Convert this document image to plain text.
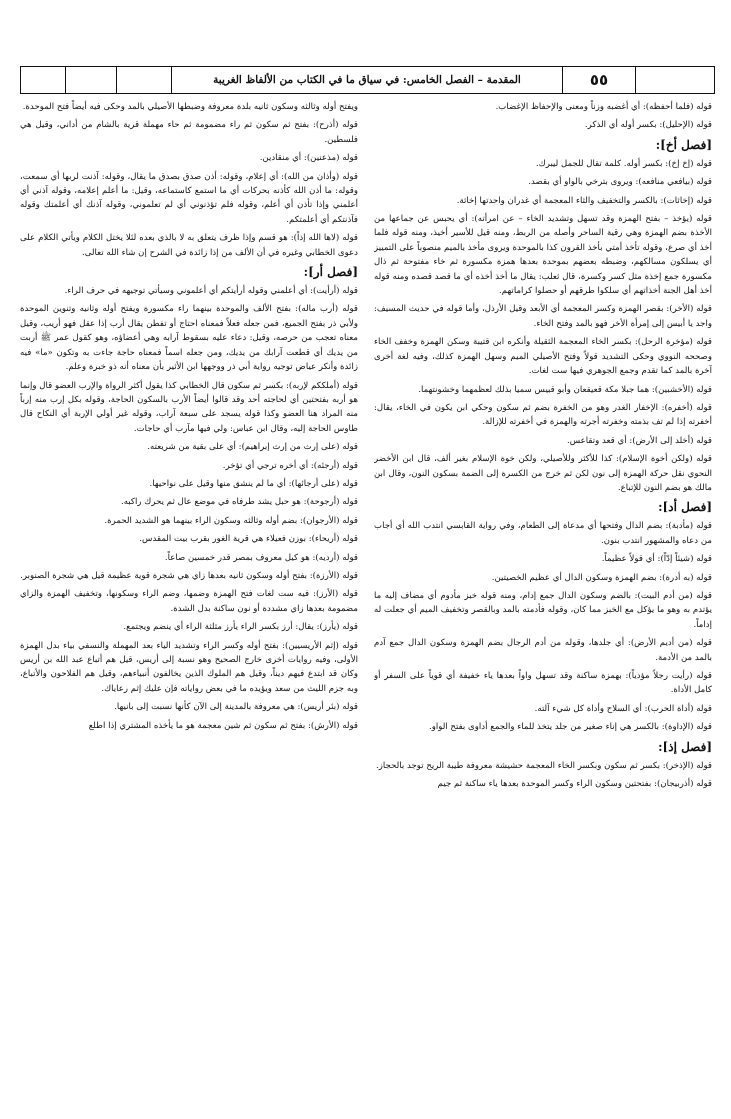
المقدمة – الفصل الخامس: في سياق ما في الكتاب من الألفاظ الغريبة	٥٥

قوله (فلما أحفظه): أي أغضبه وزناً ومعنى والإحفاظ الإغضاب.

قوله (الإحليل): بكسر أوله أي الذكر.

[فصل أخ]:

قوله (إخ إخ): بكسر أوله. كلمة تقال للجمل ليبرك.

قوله (بيافعي منافعه): ويروى بترخي بالواو أي بقصد.

قوله (إخاثات): بالكسر والتخفيف والثاء المعجمة أي غدران واحدتها إخاثة.

قوله (يؤخذ – بفتح الهمزة وقد تسهل وتشديد الخاء – عن امرأته): أي يحبس عن جماعها من الأخذة بضم الهمزة وهي رقية الساحر وأصله من الربط، ومنه قيل للأسير أخيذ، ومنه قوله فلما أخذ أي صرع، وقوله تأخذ أمتي بأخذ القرون كذا بالموحدة ويروى مأخذ بالميم منصوباً على التمييز أي يسلكون مسالكهم، وضبطه بعضهم بموحدة بعدها همزة مكسورة ثم خاء مفتوحة ثم ذال مكسورة جمع إخذة مثل كسر وكسرة، قال ثعلب: يقال ما أخذ أخذه أي ما قصد قصده ومنه قوله أخذ أهل الجنة أخذاتهم أي سلكوا طرقهم أو حصلوا كراماتهم.

قوله (الأخر): بقصر الهمزة وكسر المعجمة أي الأبعد وقيل الأرذل، وأما قوله في حديث المسيف: واجد يا أبيس إلى إمرأة الأخر فهو بالمد وفتح الخاء.

قوله (مؤخرة الرحل): بكسر الخاء المعجمة الثقيلة وأنكره ابن قتيبة وسكن الهمزة وخفف الخاء وصححه النووي وحكى التشديد قولاً وفتح الأصيلي الميم وسهل الهمزة كذلك، وفيه لغة أخرى آخرة بالمد كما تقدم وجمع الجوهري فيها ست لغات.

قوله (الأخشبين): هما جبلا مكة قعيقعان وأبو قبيس سميا بذلك لعظمهما وخشونتهما.

قوله (أخفره): الإخفار الغدر وهو من الخفرة بضم ثم سكون وحكي ابن يكون في الخاء، يقال: أخفرته إذا لم تف بذمته وخفرته أجرته والهمزة في أخفرته للإزالة.

قوله (أخلد إلى الأرض): أي قعد وتقاعس.

قوله (ولكن أخوة الإسلام): كذا للأكثر وللأصيلي، ولكن خوة الإسلام بغير ألف، قال ابن الأخضر النحوي نقل حركة الهمزة إلى نون لكن ثم خرج من الكسرة إلى الضمة بسكون النون، وقال ابن مالك هو بضم النون للإتباع.

[فصل أد]:

قوله (مأدبة): بضم الدال وفتحها أي مدعاة إلى الطعام، وفي رواية القابسي انتدب الله أي أجاب من دعاه والمشهور انتدب بنون.

قوله (شيئاً إدّاً): أي قولاً عظيماً.

قوله (به أدرة): بضم الهمزة وسكون الدال أي عظيم الخصيتين.

قوله (من أدم البيت): بالضم وسكون الدال جمع إدام، ومنه قوله خبز مأدوم أي مضاف إليه ما يؤتدم به وهو ما يؤكل مع الخبز مما كان، وقوله فأدمته بالمد وبالقصر وتخفيف الميم أي جعلت له إداماً.

قوله (من أديم الأرض): أي جلدها، وقوله من أدم الرجال بضم الهمزة وسكون الدال جمع آدم بالمد من الأدمة.

قوله (رأيت رجلاً مؤدياً): بهمزة ساكنة وقد تسهل واواً بعدها ياء خفيفة أي قوياً على السفر أو كامل الأداة.

قوله (أداة الحرب): أي السلاح وأداة كل شيء آلته.

قوله (الإداوة): بالكسر هي إناء صغير من جلد يتخذ للماء والجمع أداوى بفتح الواو.

[فصل إذ]:

قوله (الإذخر): بكسر ثم سكون وبكسر الخاء المعجمة حشيشة معروفة طيبة الريح توجد بالحجاز.

قوله (أذربيجان): بفتحتين وسكون الراء وكسر الموحدة بعدها ياء ساكنة ثم جيم

ويفتح أوله وثالثه وسكون ثانيه بلدة معروفة وضبطها الأصيلي بالمد وحكى فيه أيضاً فتح الموحدة.

قوله (أذرح): بفتح ثم سكون ثم راء مضمومة ثم حاء مهملة قرية بالشام من أداني، وقيل هي فلسطين.

قوله (مذعنين): أي منقادين.

قوله (وأذان من الله): أي إعلام، وقوله: أذن صدق بصدق ما يقال، وقوله: آذنت لربها أي سمعت، وقوله: ما أذن الله كأذنه بحركات أي ما استمع كاستماعه، وقيل: ما أعلم إعلامه، وقوله آذني أي أعلمني وإذا تأذن أي أعلم، وقوله فلم تؤذنوني أي لم تعلموني، وقوله آذنك أي أعلمتك وقوله فآذنتكم أي أعلمتكم.

قوله (لاها الله إذاً): هو قسم وإذا ظرف يتعلق به لا بالذي بعده لئلا يختل الكلام ويأتي الكلام على دعوى الخطابي وغيره في أن الألف من إذا زائدة في الشرح إن شاء الله تعالى.

[فصل أر]:

قوله (أرأيت): أي أعلمني وقوله أرأيتكم أي أعلموني وسيأتي توجيهه في حرف الراء.

قوله (أرب ماله): بفتح الألف والموحدة بينهما راء مكسورة ويفتح أوله وثانيه وتنوين الموحدة ولأبي ذر بفتح الجميع، فمن جعله فعلاً فمعناه احتاج أو تفطن يقال أرب إذا عقل فهو أريب، وقيل معناه تعجب من حرصه، وقيل: دعاء عليه بسقوط آرابه وهي أعضاؤه، وهو كقول عمر ﷺ أربت من يديك أي قطعت آرابك من يديك، ومن جعله اسماً فمعناه حاجة جاءت به وتكون «ما» فيه زائدة وأنكر عياض توجيه رواية أبي ذر ووجهها ابن الأثير بأن معناه أنه ذو خبرة وعلم.

قوله (أملككم لإربه): بكسر ثم سكون قال الخطابي كذا يقول أكثر الرواة والإرب العضو قال وإنما هو أربه بفتحتين أي لحاجته أحد وقد قالوا أيضاً الأرب بالسكون الحاجة، وقوله بكل إرب منه إرباً منه المراد هنا العضو وكذا قوله يسجد على سبعة آراب، وقوله غير أولي الإربة أي النكاح قال طاوس الحاجة إليه، وقال ابن عباس: ولي فيها مآرب أي حاجات.

قوله (على إرث من إرث إبراهيم): أي على بقية من شريعته.

قوله (أرجئه): أي أخره ترجي أي تؤخر.

قوله (على أرجائها): أي ما لم ينشق منها وقيل على نواحيها.

قوله (أرجوحة): هو حبل يشد طرفاه في موضع عال ثم يحرك راكبه.

قوله (الأرجوان): بضم أوله وثالثه وسكون الراء بينهما هو الشديد الحمرة.

قوله (أريحاء): بوزن فعيلاء هي قرية الغور بقرب بيت المقدس.

قوله (أرديه): هو كيل معروف بمصر قدر خمسين صاعاً.

قوله (الأرزة): بفتح أوله وسكون ثانيه بعدها زاي هي شجرة قوية عظيمة قيل هي شجرة الصنوبر.

قوله (الأرز): فيه ست لغات فتح الهمزة وضمها، وضم الراء وسكونها، وتخفيف الهمزة والزاي مضمومة بعدها زاي مشددة أو نون ساكنة بدل الشدة.

قوله (يأرز): يقال: أرز بكسر الراء يأرز مثلثة الراء أي ينضم ويجتمع.

قوله (إثم الأريسيين): بفتح أوله وكسر الراء وتشديد الياء بعد المهملة والنسفي بياء بدل الهمزة الأولى، وفيه روايات أخرى خارج الصحيح وهو نسبة إلى أريس، قيل هم أتباع عبد الله بن أريس وكان قد ابتدع فيهم ديناً، وقيل هم الملوك الذين يخالفون أنبياءهم، وقيل هم الفلاحون والأتباع، وبه جزم الليث من سعد ويؤيده ما في بعض رواياته فإن عليك إثم رعاياك.

قوله (بئر أريس): هي معروفة بالمدينة إلى الآن كأنها نسبت إلى بانيها.

قوله (الأرش): بفتح ثم سكون ثم شين معجمة هو ما يأخذه المشتري إذا اطلع
